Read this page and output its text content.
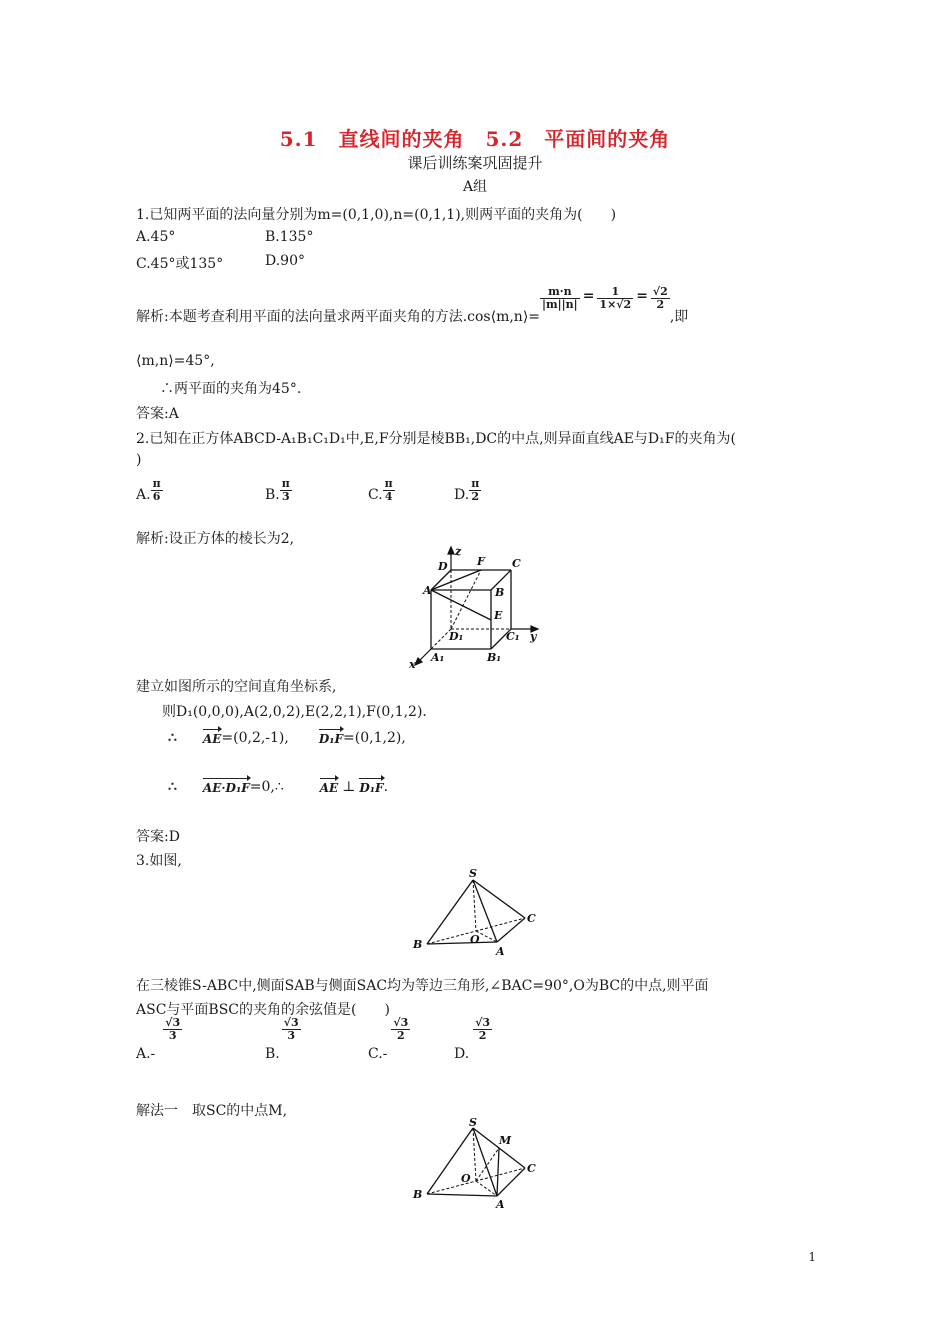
5.1　直线间的夹角　5.2　平面间的夹角
课后训练案巩固提升
A组
1.已知两平面的法向量分别为m=(0,1,0),n=(0,1,1),则两平面的夹角为(　　)
A.45°	B.135°
C.45°或135°	D.90°
解析:本题考查利用平面的法向量求两平面夹角的方法.cos⟨m,n⟩=
$\frac{m\cdot n}{|m||n|} = \frac{1}{1\times√2} = \frac{√2}{2}$
,即
⟨m,n⟩=45°,
∴两平面的夹角为45°.
答案:A
2.已知在正方体ABCD-A₁B₁C₁D₁中,E,F分别是棱BB₁,DC的中点,则异面直线AE与D₁F的夹角为(
)
A. $\frac{\pi}{6}$	B. $\frac{\pi}{3}$	C. $\frac{\pi}{4}$	D. $\frac{\pi}{2}$
解析:设正方体的棱长为2,
z
F C
D
A	B
E
D₁	C₁ y
x
A₁	B₁
建立如图所示的空间直角坐标系,
则D₁(0,0,0),A(2,0,2),E(2,2,1),F(0,1,2).
∴ AE =(0,2,-1),	D₁F =(0,1,2),
∴ AE·D₁F =0,∴	AE ⊥ D₁F .
答案:D
3.如图,
S
C
O
B
A
在三棱锥S-ABC中,侧面SAB与侧面SAC均为等边三角形,∠BAC=90°,O为BC的中点,则平面
ASC与平面BSC的夹角的余弦值是(　　)
A.-
$\frac{√3}{3}$
B.
$\frac{√3}{3}$
C.-
$\frac{√3}{2}$
D.
$\frac{√3}{2}$
解法一　取SC的中点M,
S
M
C
O
B
A
1
